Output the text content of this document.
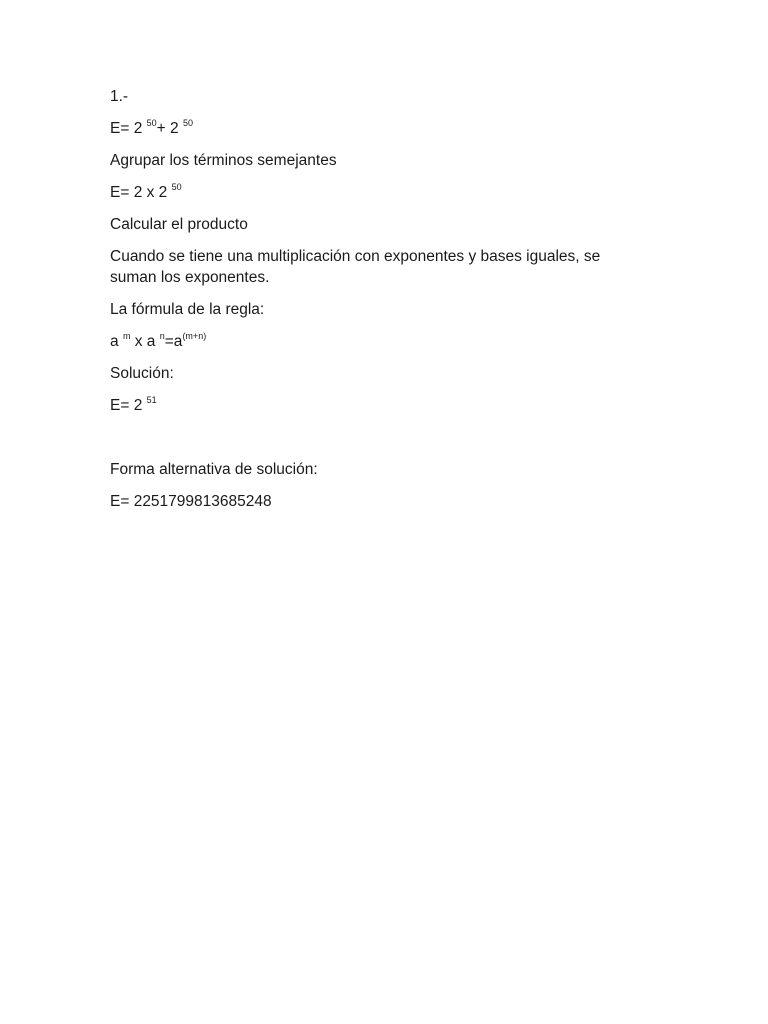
1.-

E= 2 $^{50}$+ 2 $^{50}$

Agrupar los términos semejantes

E= 2 x 2 $^{50}$

Calcular el producto

Cuando se tiene una multiplicación con exponentes y bases iguales, se suman los exponentes.

La fórmula de la regla:

a $^m$ x a $^n=a^{(m+n)}$

Solución:

E= 2 $^{51}$

Forma alternativa de solución:

E= 2251799813685248
